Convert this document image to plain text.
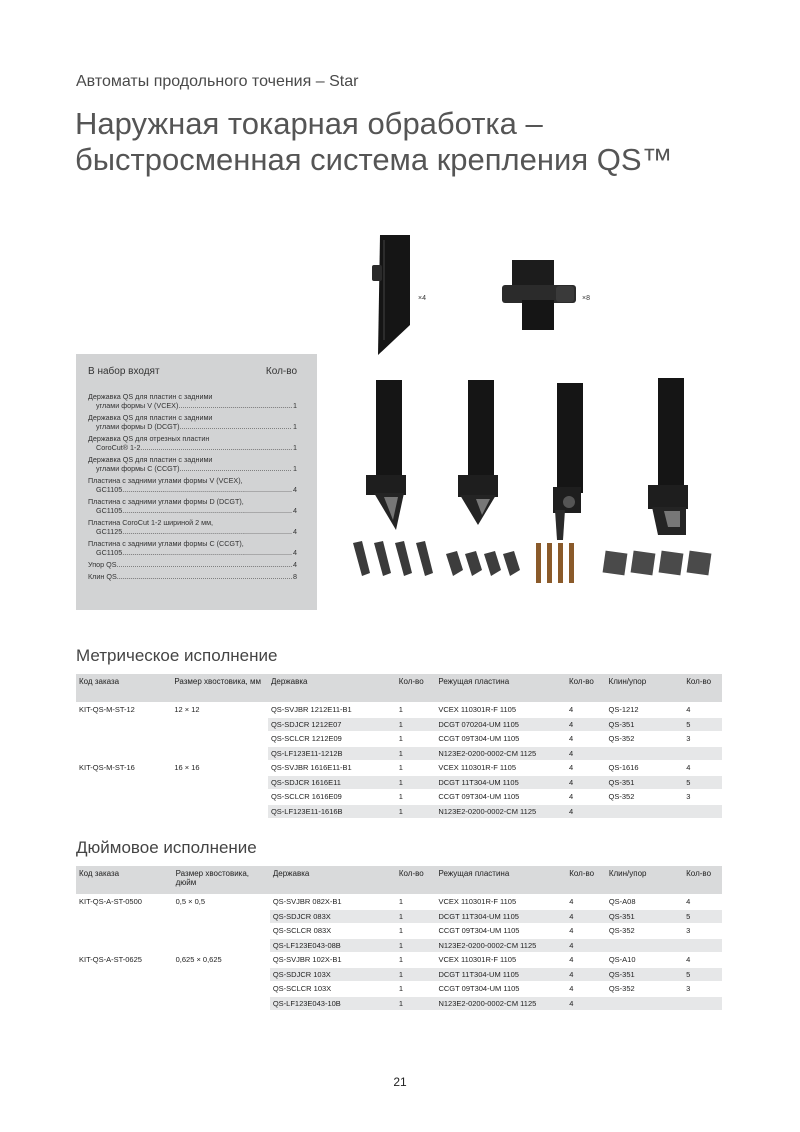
Автоматы продольного точения – Star
Наружная токарная обработка –
быстросменная система крепления QS™
×4	×8
В набор входят	Кол-во
Державка QS для пластин с задними
углами формы V (VCEX) .....	1
Державка QS для пластин с задними
углами формы D (DCGT) .....	1
Державка QS для отрезных пластин
CoroCut® 1-2 .....	1
Державка QS для пластин с задними
углами формы C (CCGT) .....	1
Пластина с задними углами формы V (VCEX),
GC1105 .....	4
Пластина с задними углами формы D (DCGT),
GC1105 .....	4
Пластина CoroCut 1-2 шириной 2 мм,
GC1125 .....	4
Пластина с задними углами формы C (CCGT),
GC1105 .....	4
Упор QS .....	4
Клин QS .....	8
Метрическое исполнение
Код заказа	Размер хвостовика, мм	Державка	Кол-во	Режущая пластина	Кол-во	Клин/упор	Кол-во
KIT-QS-M-ST-12	12 × 12	QS-SVJBR 1212E11-B1	1	VCEX 110301R-F 1105	4	QS-1212	4
		QS-SDJCR 1212E07	1	DCGT 070204-UM 1105	4	QS-351	5
		QS-SCLCR 1212E09	1	CCGT 09T304-UM 1105	4	QS-352	3
		QS-LF123E11-1212B	1	N123E2-0200-0002-CM 1125	4		
KIT-QS-M-ST-16	16 × 16	QS-SVJBR 1616E11-B1	1	VCEX 110301R-F 1105	4	QS-1616	4
		QS-SDJCR 1616E11	1	DCGT 11T304-UM 1105	4	QS-351	5
		QS-SCLCR 1616E09	1	CCGT 09T304-UM 1105	4	QS-352	3
		QS-LF123E11-1616B	1	N123E2-0200-0002-CM 1125	4		
Дюймовое исполнение
Код заказа	Размер хвостовика, дюйм	Державка	Кол-во	Режущая пластина	Кол-во	Клин/упор	Кол-во
KIT-QS-A-ST-0500	0,5 × 0,5	QS-SVJBR 082X-B1	1	VCEX 110301R-F 1105	4	QS-A08	4
		QS-SDJCR 083X	1	DCGT 11T304-UM 1105	4	QS-351	5
		QS-SCLCR 083X	1	CCGT 09T304-UM 1105	4	QS-352	3
		QS-LF123E043-08B	1	N123E2-0200-0002-CM 1125	4		
KIT-QS-A-ST-0625	0,625 × 0,625	QS-SVJBR 102X-B1	1	VCEX 110301R-F 1105	4	QS-A10	4
		QS-SDJCR 103X	1	DCGT 11T304-UM 1105	4	QS-351	5
		QS-SCLCR 103X	1	CCGT 09T304-UM 1105	4	QS-352	3
		QS-LF123E043-10B	1	N123E2-0200-0002-CM 1125	4		
21
